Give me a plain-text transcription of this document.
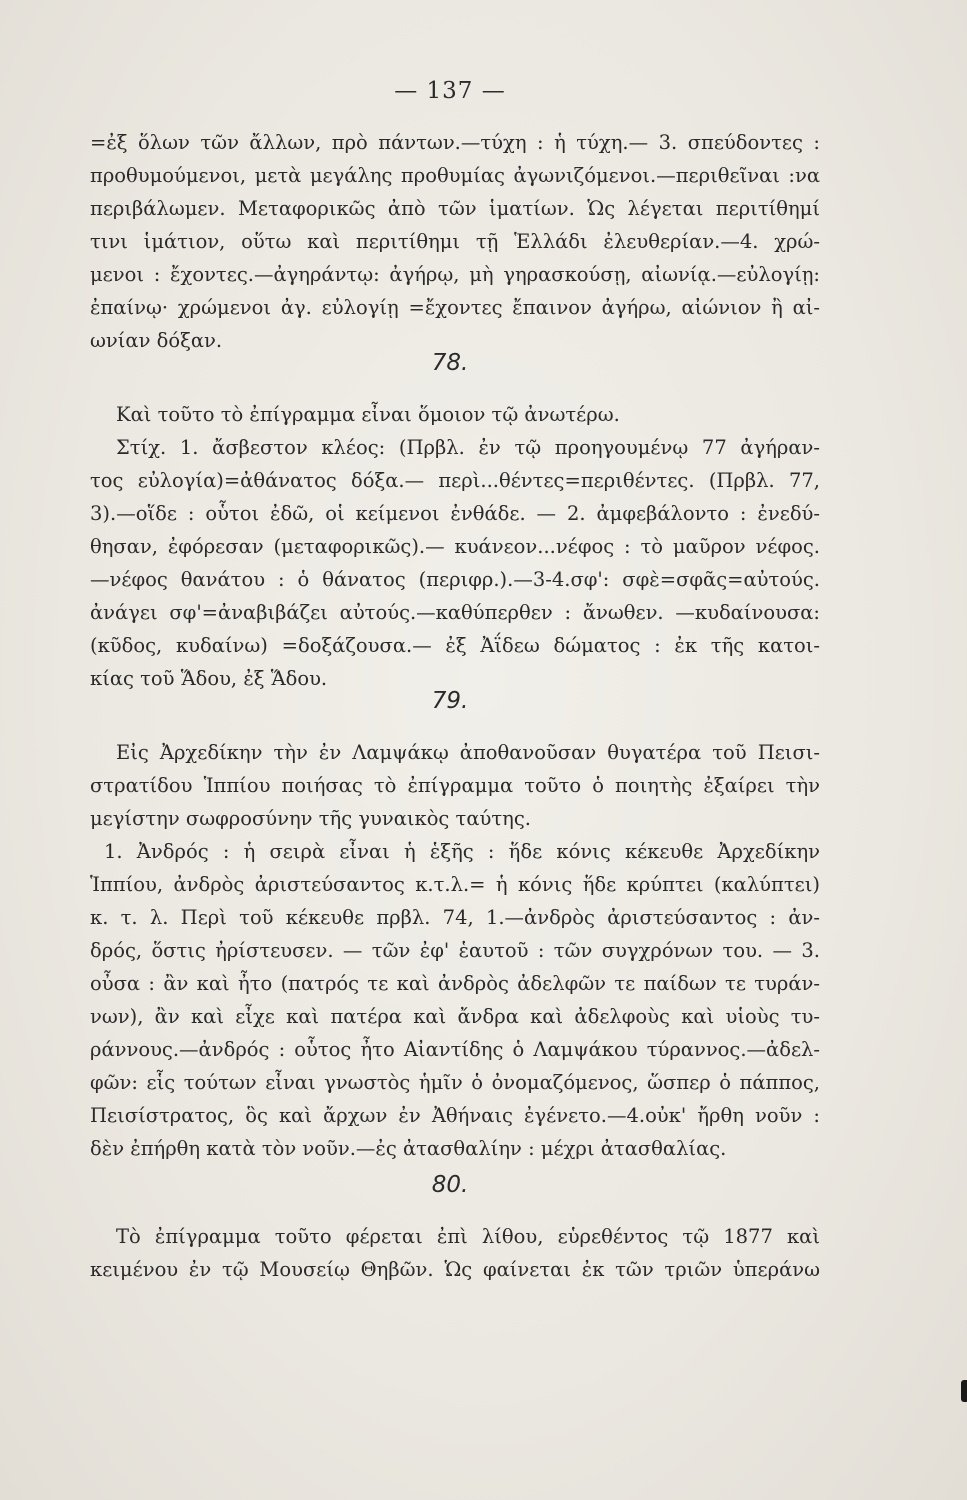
— 137 —
=ἐξ ὅλων τῶν ἄλλων, πρὸ πάντων.—τύχη : ἡ τύχη.— 3. σπεύδοντες :
προθυμούμενοι, μετὰ μεγάλης προθυμίας ἀγωνιζόμενοι.—περιθεῖναι :να
περιβάλωμεν. Μεταφορικῶς ἀπὸ τῶν ἱματίων. Ὡς λέγεται περιτίθημί
τινι ἱμάτιον, οὕτω καὶ περιτίθημι τῇ Ἑλλάδι ἐλευθερίαν.—4. χρώ-
μενοι : ἔχοντες.—ἀγηράντῳ: ἀγήρῳ, μὴ γηρασκούσῃ, αἰωνίᾳ.—εὐλογίῃ:
ἐπαίνῳ· χρώμενοι ἀγ. εὐλογίῃ =ἔχοντες ἔπαινον ἀγήρω, αἰώνιον ἢ αἰ-
ωνίαν δόξαν.
78.
Καὶ τοῦτο τὸ ἐπίγραμμα εἶναι ὅμοιον τῷ ἀνωτέρω.
Στίχ. 1. ἄσβεστον κλέος: (Πρβλ. ἐν τῷ προηγουμένῳ 77 ἀγήραν-
τος εὐλογία)=ἀθάνατος δόξα.— περὶ...θέντες=περιθέντες. (Πρβλ. 77,
3).—οἵδε : οὗτοι ἐδῶ, οἱ κείμενοι ἐνθάδε. — 2. ἀμφεβάλοντο : ἐνεδύ-
θησαν, ἐφόρεσαν (μεταφορικῶς).— κυάνεον...νέφος : τὸ μαῦρον νέφος.
—νέφος θανάτου : ὁ θάνατος (περιφρ.).—3-4.σφ': σφὲ=σφᾶς=αὐτούς.
ἀνάγει σφ'=ἀναβιβάζει αὐτούς.—καθύπερθεν : ἄνωθεν. —κυδαίνουσα:
(κῦδος, κυδαίνω) =δοξάζουσα.— ἐξ Ἀΐδεω δώματος : ἐκ τῆς κατοι-
κίας τοῦ Ἅδου, ἐξ Ἅδου.
79.
Εἰς Ἀρχεδίκην τὴν ἐν Λαμψάκῳ ἀποθανοῦσαν θυγατέρα τοῦ Πεισι-
στρατίδου Ἱππίου ποιήσας τὸ ἐπίγραμμα τοῦτο ὁ ποιητὴς ἐξαίρει τὴν
μεγίστην σωφροσύνην τῆς γυναικὸς ταύτης.
1. Ἀνδρός : ἡ σειρὰ εἶναι ἡ ἑξῆς : ἥδε κόνις κέκευθε Ἀρχεδίκην
Ἱππίου, ἀνδρὸς ἀριστεύσαντος κ.τ.λ.= ἡ κόνις ἥδε κρύπτει (καλύπτει)
κ. τ. λ. Περὶ τοῦ κέκευθε πρβλ. 74, 1.—ἀνδρὸς ἀριστεύσαντος : ἀν-
δρός, ὅστις ἠρίστευσεν. — τῶν ἐφ' ἑαυτοῦ : τῶν συγχρόνων του. — 3.
οὖσα : ἂν καὶ ἦτο (πατρός τε καὶ ἀνδρὸς ἀδελφῶν τε παίδων τε τυράν-
νων), ἂν καὶ εἶχε καὶ πατέρα καὶ ἄνδρα καὶ ἀδελφοὺς καὶ υἱοὺς τυ-
ράννους.—ἀνδρός : οὗτος ἦτο Αἰαντίδης ὁ Λαμψάκου τύραννος.—ἀδελ-
φῶν: εἷς τούτων εἶναι γνωστὸς ἡμῖν ὁ ὀνομαζόμενος, ὥσπερ ὁ πάππος,
Πεισίστρατος, ὃς καὶ ἄρχων ἐν Ἀθήναις ἐγένετο.—4.οὐκ' ἤρθη νοῦν :
δὲν ἐπήρθη κατὰ τὸν νοῦν.—ἐς ἀτασθαλίην : μέχρι ἀτασθαλίας.
80.
Τὸ ἐπίγραμμα τοῦτο φέρεται ἐπὶ λίθου, εὑρεθέντος τῷ 1877 καὶ
κειμένου ἐν τῷ Μουσείῳ Θηβῶν. Ὡς φαίνεται ἐκ τῶν τριῶν ὑπεράνω
